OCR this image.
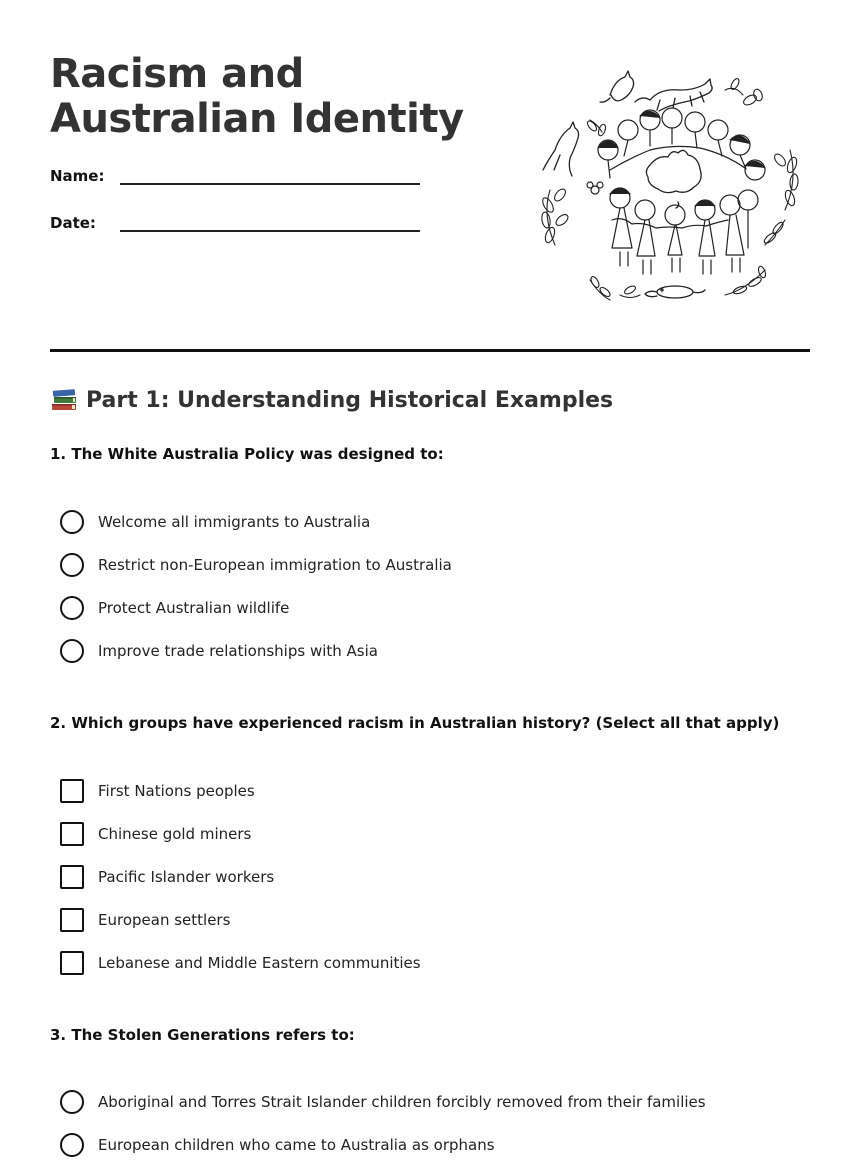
Racism and Australian Identity
Name:
Date:
Part 1: Understanding Historical Examples
1. The White Australia Policy was designed to:
Welcome all immigrants to Australia
Restrict non-European immigration to Australia
Protect Australian wildlife
Improve trade relationships with Asia
2. Which groups have experienced racism in Australian history? (Select all that apply)
First Nations peoples
Chinese gold miners
Pacific Islander workers
European settlers
Lebanese and Middle Eastern communities
3. The Stolen Generations refers to:
Aboriginal and Torres Strait Islander children forcibly removed from their families
European children who came to Australia as orphans
